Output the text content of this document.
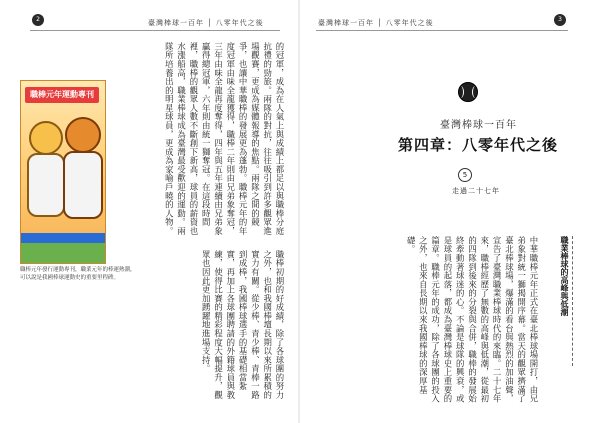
2	臺灣棒球一百年 │ 八零年代之後
職棒元年運動專刊
職棒元年發行運動專刊，職業元年的棒運熱潮，可以說是我國棒球運動史的重要里程碑。
的冠軍，成為在人氣上與成績上都足以與職棒分庭抗禮的勁旅。兩隊的對抗，往往吸引到許多觀眾進場觀賽，更成為媒體報導的焦點。兩隊之間的競爭，也讓中華職棒的發展更為蓬勃。職棒元年的年度冠軍由味全龍獲得，職棒二年則由兄弟象奪冠，三年由味全龍再度奪得，四年與五年連續由兄弟象贏得總冠軍，六年則由統一獅奪冠。在這段時間裡，職棒的觀眾人數不斷創下新高，球員的薪資也水漲船高，職業棒球成為臺灣最受歡迎的運動。兩隊所培養出的明星球員，更成為家喻戶曉的人物。
職棒初期的好成績，除了各球團的努力之外，也和我國棒壇長期以來所累積的實力有關。從少棒、青少棒、青棒一路到成棒，我國棒球選手的基礎相當紮實，再加上各球團聘請的外籍球員與教練，使得比賽的精彩程度大幅提升，觀眾也因此更加踴躍地進場支持。
臺灣棒球一百年 │ 八零年代之後	3
臺灣棒球一百年
第四章：八零年代之後
5
走過二十七年
職業棒球的高峰與低潮
中華職棒元年正式在臺北棒球場開打，由兄弟象對統一獅揭開序幕。當天的觀眾擠滿了臺北棒球場，爆滿的看台與熱烈的加油聲，宣告了臺灣職業棒球時代的來臨。二十七年來，職棒經歷了無數的高峰與低潮，從最初的四隊到後來的分裂與合併，職棒的發展始終牽動著球迷的心。不論是球隊的興衰，或是球員的起落，都成為臺灣棒球史上重要的篇章。職棒元年的成功，除了各球團的投入之外，也來自長期以來我國棒球的深厚基礎。
